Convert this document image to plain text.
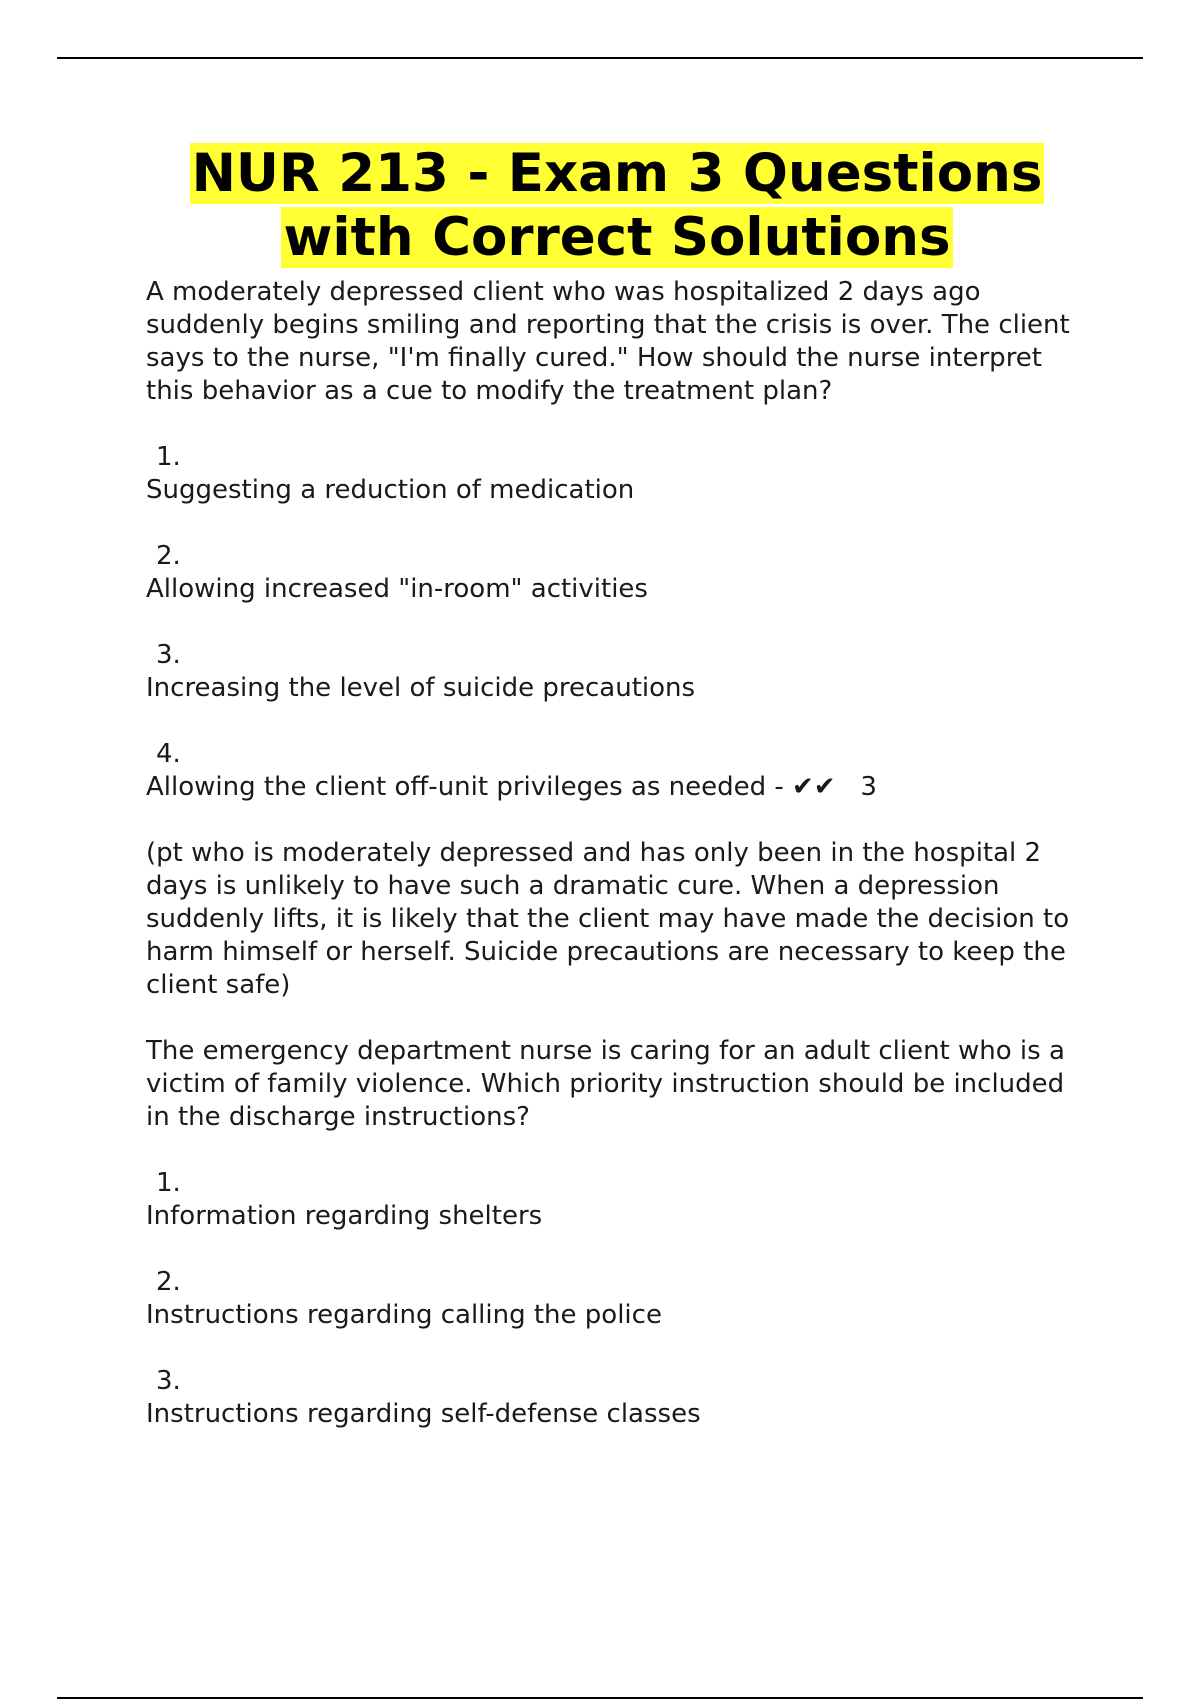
NUR 213 - Exam 3 Questions
with Correct Solutions

A moderately depressed client who was hospitalized 2 days ago suddenly begins smiling and reporting that the crisis is over. The client says to the nurse, "I'm finally cured." How should the nurse interpret this behavior as a cue to modify the treatment plan?

1.

Suggesting a reduction of medication

2.

Allowing increased "in-room" activities

3.

Increasing the level of suicide precautions

4.

Allowing the client off-unit privileges as needed - ✔✔ 3

(pt who is moderately depressed and has only been in the hospital 2 days is unlikely to have such a dramatic cure. When a depression suddenly lifts, it is likely that the client may have made the decision to harm himself or herself. Suicide precautions are necessary to keep the client safe)

The emergency department nurse is caring for an adult client who is a victim of family violence. Which priority instruction should be included in the discharge instructions?

1.

Information regarding shelters

2.

Instructions regarding calling the police

3.

Instructions regarding self-defense classes
